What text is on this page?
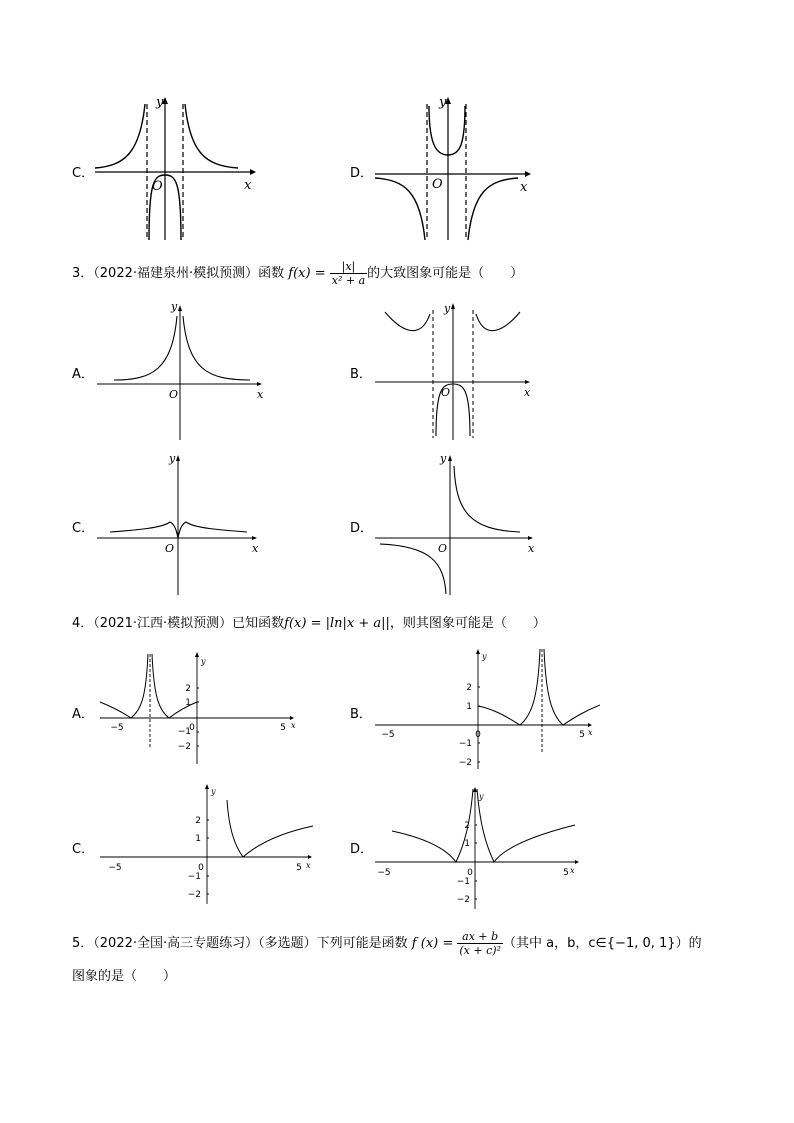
C．
x
y
O
D．
x
y
O
3．（2022·福建泉州·模拟预测）函数 $f(x) = \frac{|x|}{\text{x² + a}}$ 的大致图象可能是（　　）
A．
x
y
O
B．
x
y
O
C．
x
y
O
D．
x
y
O
4．（2021·江西·模拟预测）已知函数f(x) = |ln|x + a||，则其图象可能是（　　）
A．
2
1
−1
−2
−5	0	5 x
y
B．
2
1
−1
−2
−5	0	5 x
y
C．
2
1
−1
−2
−5	0	5 x
y
D．
2
1
−1
−2
−5	0	5 x
y
5．（2022·全国·高三专题练习）（多选题）下列可能是函数 f $(x) = \frac{ax + b}{\text{(x + c)²}}$ （其中 a，b，c∈{−1, 0, 1}）的
图象的是（　　）
